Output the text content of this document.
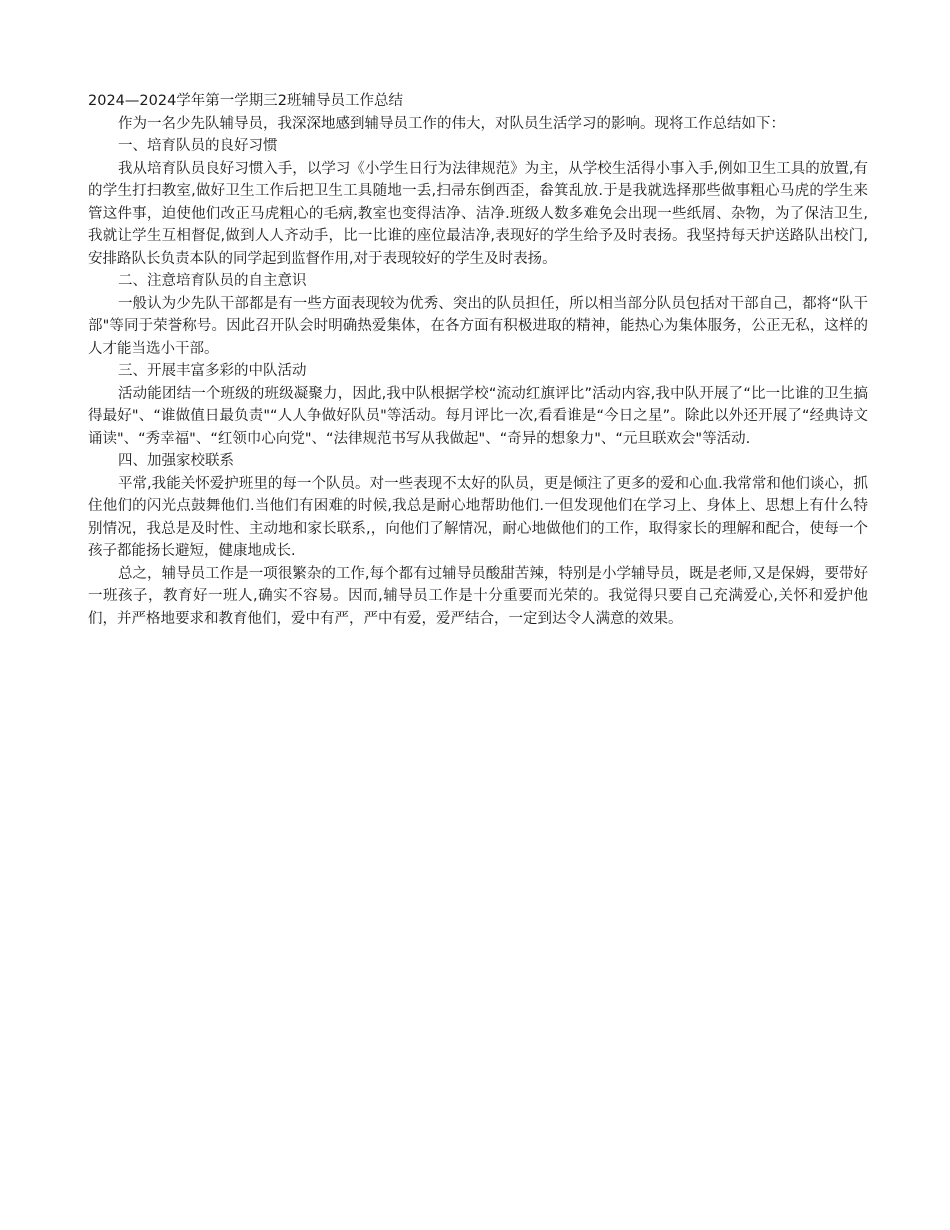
2024—2024学年第一学期三2班辅导员工作总结

作为一名少先队辅导员，我深深地感到辅导员工作的伟大，对队员生活学习的影响。现将工作总结如下：

一、培育队员的良好习惯

我从培育队员良好习惯入手，以学习《小学生日行为法律规范》为主，从学校生活得小事入手,例如卫生工具的放置,有的学生打扫教室,做好卫生工作后把卫生工具随地一丢,扫帚东倒西歪，畚箕乱放.于是我就选择那些做事粗心马虎的学生来管这件事，迫使他们改正马虎粗心的毛病,教室也变得洁净、洁净.班级人数多难免会出现一些纸屑、杂物，为了保洁卫生,我就让学生互相督促,做到人人齐动手，比一比谁的座位最洁净,表现好的学生给予及时表扬。我坚持每天护送路队出校门,安排路队长负责本队的同学起到监督作用,对于表现较好的学生及时表扬。

二、注意培育队员的自主意识

一般认为少先队干部都是有一些方面表现较为优秀、突出的队员担任，所以相当部分队员包括对干部自己，都将“队干部"等同于荣誉称号。因此召开队会时明确热爱集体，在各方面有积极进取的精神，能热心为集体服务，公正无私，这样的人才能当选小干部。

三、开展丰富多彩的中队活动

活动能团结一个班级的班级凝聚力，因此,我中队根据学校“流动红旗评比”活动内容,我中队开展了“比一比谁的卫生搞得最好"、“谁做值日最负责"“人人争做好队员"等活动。每月评比一次,看看谁是“今日之星”。除此以外还开展了“经典诗文诵读"、“秀幸福"、“红领巾心向党"、“法律规范书写从我做起"、“奇异的想象力"、“元旦联欢会"等活动.

四、加强家校联系

平常,我能关怀爱护班里的每一个队员。对一些表现不太好的队员，更是倾注了更多的爱和心血.我常常和他们谈心，抓住他们的闪光点鼓舞他们.当他们有困难的时候,我总是耐心地帮助他们.一但发现他们在学习上、身体上、思想上有什么特别情况，我总是及时性、主动地和家长联系,，向他们了解情况，耐心地做他们的工作，取得家长的理解和配合，使每一个孩子都能扬长避短，健康地成长.

总之，辅导员工作是一项很繁杂的工作,每个都有过辅导员酸甜苦辣，特别是小学辅导员，既是老师,又是保姆，要带好一班孩子，教育好一班人,确实不容易。因而,辅导员工作是十分重要而光荣的。我觉得只要自己充满爱心,关怀和爱护他们，并严格地要求和教育他们，爱中有严，严中有爱，爱严结合，一定到达令人满意的效果。
